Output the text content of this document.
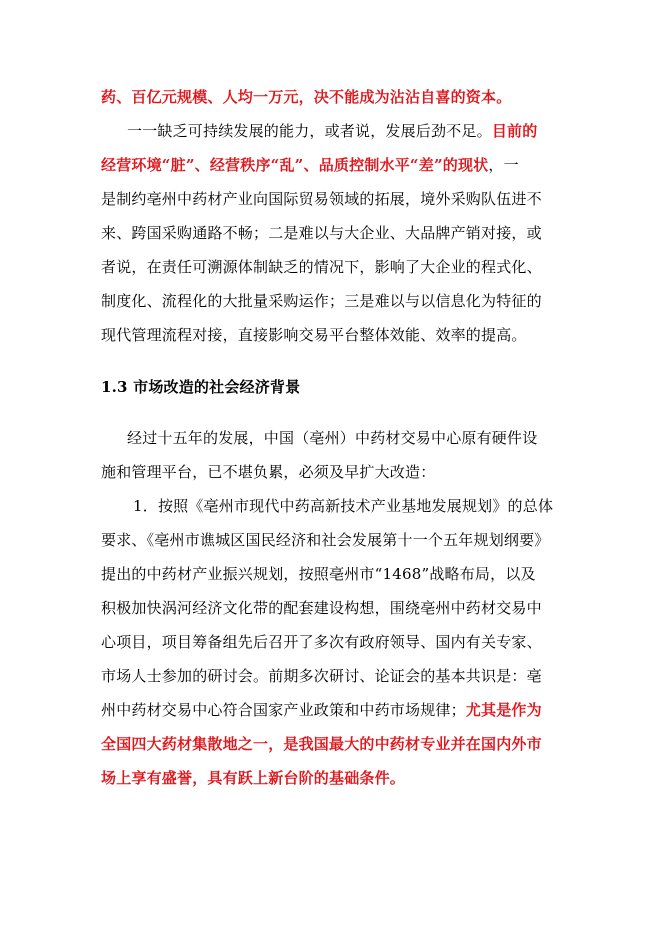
药、百亿元规模、人均一万元，决不能成为沾沾自喜的资本。
一一缺乏可持续发展的能力，或者说，发展后劲不足。目前的
经营环境“脏”、经营秩序“乱”、品质控制水平“差”的现状，一
是制约亳州中药材产业向国际贸易领域的拓展，境外采购队伍进不
来、跨国采购通路不畅；二是难以与大企业、大品牌产销对接，或
者说，在责任可溯源体制缺乏的情况下，影响了大企业的程式化、
制度化、流程化的大批量采购运作；三是难以与以信息化为特征的
现代管理流程对接，直接影响交易平台整体效能、效率的提高。
1.3 市场改造的社会经济背景
经过十五年的发展，中国（亳州）中药材交易中心原有硬件设
施和管理平台，已不堪负累，必须及早扩大改造：
1．按照《亳州市现代中药高新技术产业基地发展规划》的总体
要求、《亳州市谯城区国民经济和社会发展第十一个五年规划纲要》
提出的中药材产业振兴规划，按照亳州市“1468”战略布局，以及
积极加快涡河经济文化带的配套建设构想，围绕亳州中药材交易中
心项目，项目筹备组先后召开了多次有政府领导、国内有关专家、
市场人士参加的研讨会。前期多次研讨、论证会的基本共识是：亳
州中药材交易中心符合国家产业政策和中药市场规律；尤其是作为
全国四大药材集散地之一，是我国最大的中药材专业并在国内外市
场上享有盛誉，具有跃上新台阶的基础条件。
